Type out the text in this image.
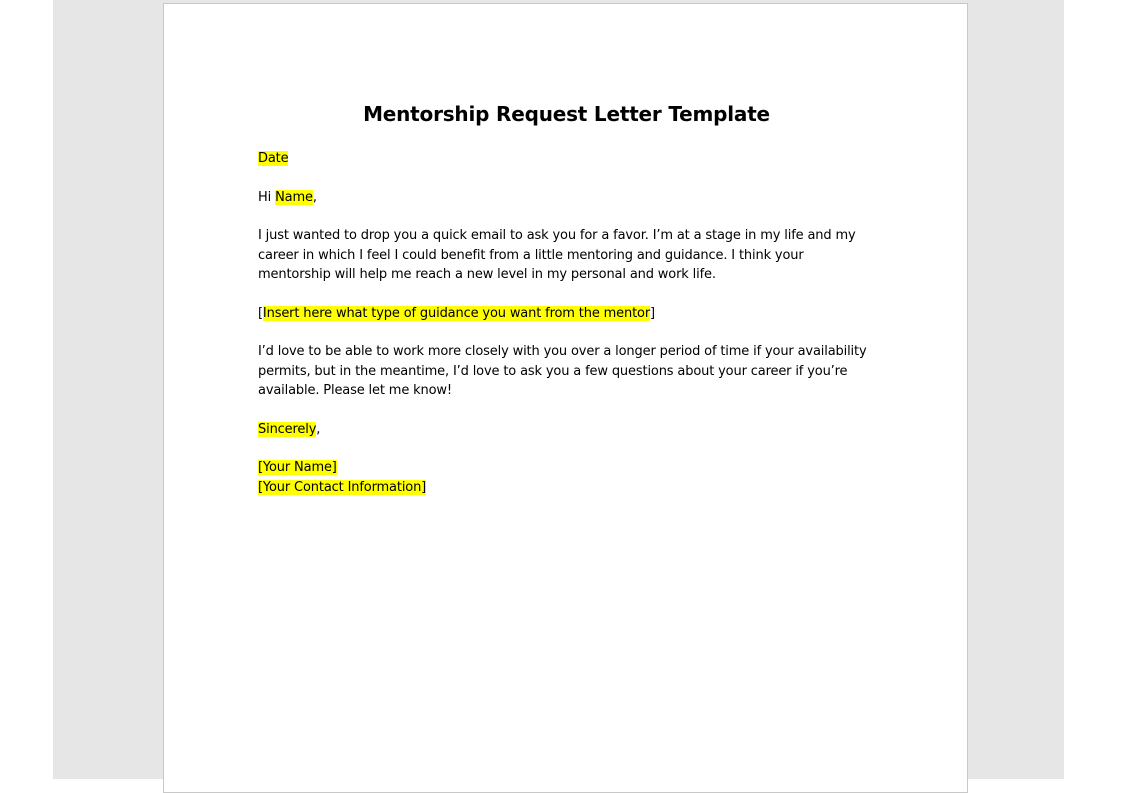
Mentorship Request Letter Template

Date

Hi Name,

I just wanted to drop you a quick email to ask you for a favor. I’m at a stage in my life and my career in which I feel I could benefit from a little mentoring and guidance. I think your mentorship will help me reach a new level in my personal and work life.

[Insert here what type of guidance you want from the mentor]

I’d love to be able to work more closely with you over a longer period of time if your availability permits, but in the meantime, I’d love to ask you a few questions about your career if you’re available. Please let me know!

Sincerely,

[Your Name]

[Your Contact Information]
